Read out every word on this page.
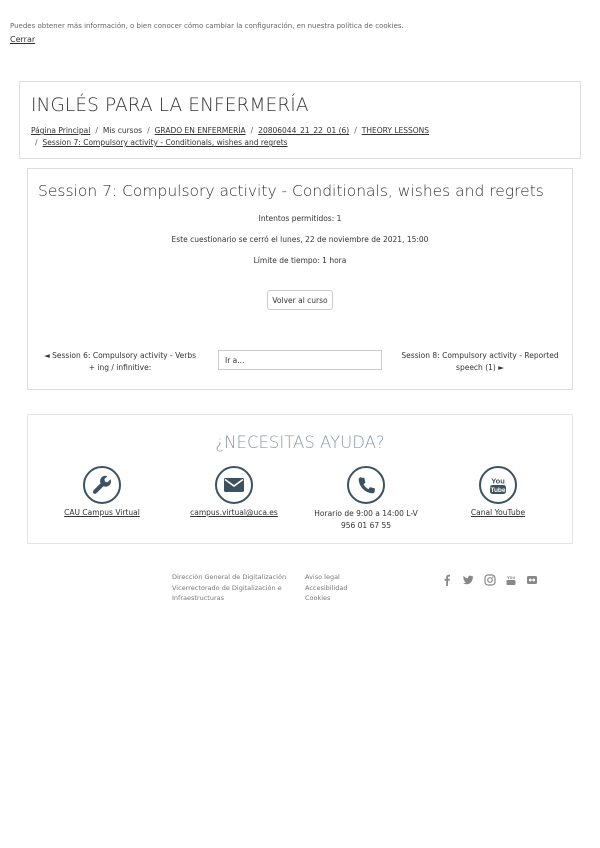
Puedes obtener más información, o bien conocer cómo cambiar la configuración, en nuestra política de cookies.
Cerrar
INGLÉS PARA LA ENFERMERÍA
Página Principal / Mis cursos / GRADO EN ENFERMERÍA / 20806044_21_22_01 (6) / THEORY LESSONS
/ Session 7: Compulsory activity - Conditionals, wishes and regrets
Session 7: Compulsory activity - Conditionals, wishes and regrets
Intentos permitidos: 1
Este cuestionario se cerró el lunes, 22 de noviembre de 2021, 15:00
Límite de tiempo: 1 hora
Volver al curso
◄ Session 6: Compulsory activity - Verbs + ing / infinitive:
Ir a...	Session 8: Compulsory activity - Reported speech (1) ►
¿NECESITAS AYUDA?
CAU Campus Virtual	campus.virtual@uca.es	Horario de 9:00 a 14:00 L-V
956 01 67 55
You
Tube
Canal YouTube
Dirección General de Digitalización
Vicerrectorado de Digitalización e
Infraestructuras
Aviso legal
Accesibilidad
Cookies
You
